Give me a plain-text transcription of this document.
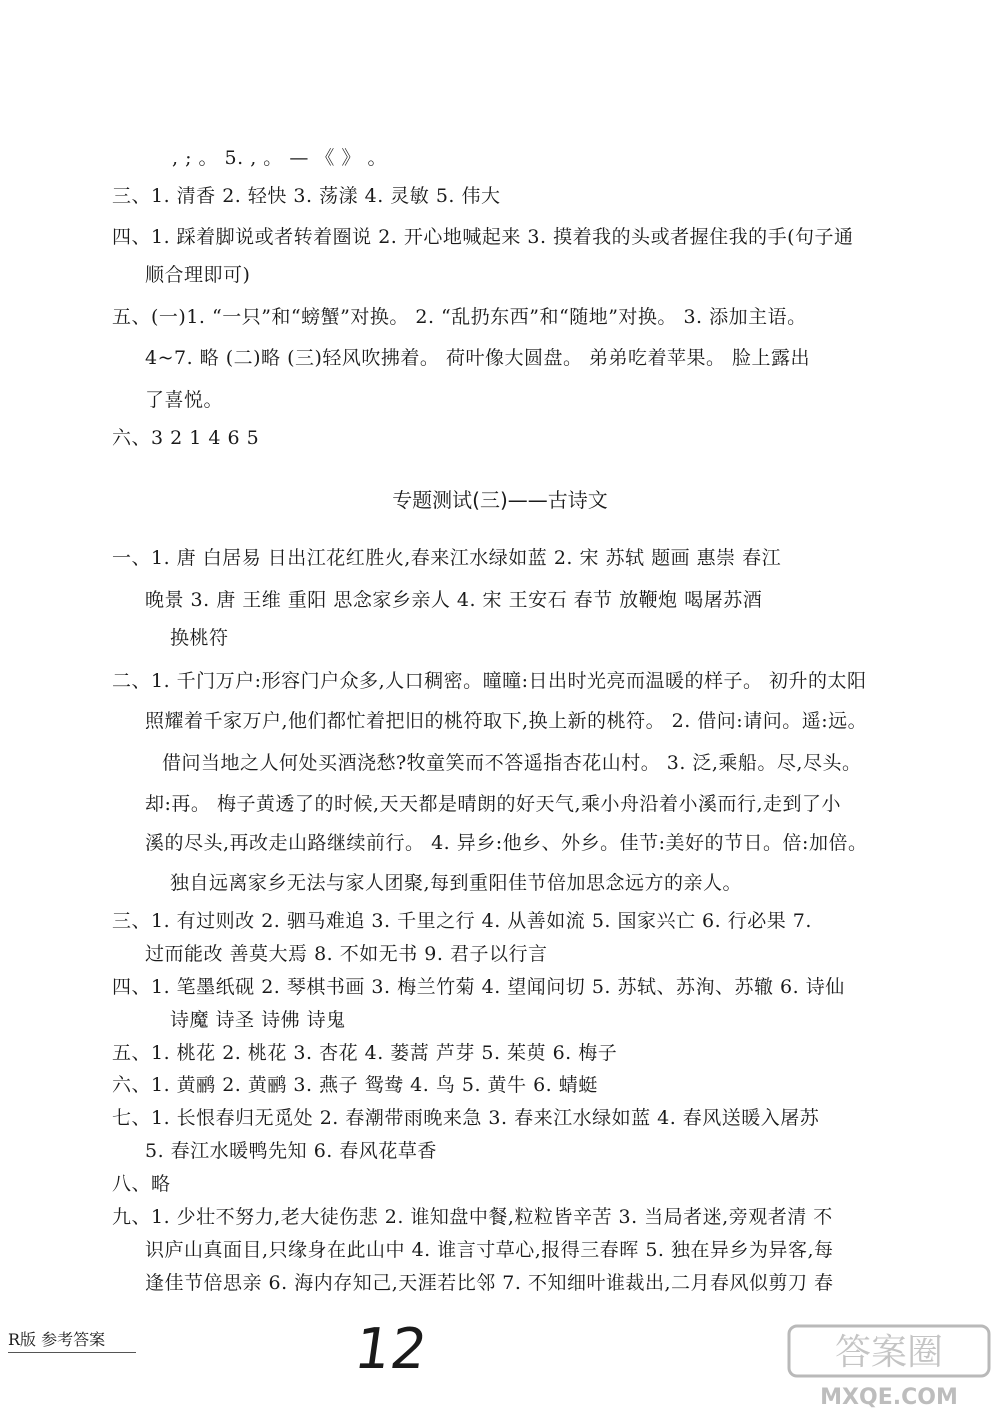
, ; 。 5. , 。 — 《 》 。
三、1. 清香 2. 轻快 3. 荡漾 4. 灵敏 5. 伟大
四、1. 踩着脚说或者转着圈说 2. 开心地喊起来 3. 摸着我的头或者握住我的手(句子通
顺合理即可)
五、(一)1. “一只”和“螃蟹”对换。 2. “乱扔东西”和“随地”对换。 3. 添加主语。
4~7. 略 (二)略 (三)轻风吹拂着。 荷叶像大圆盘。 弟弟吃着苹果。 脸上露出
了喜悦。
六、3 2 1 4 6 5
专题测试(三)——古诗文
一、1. 唐 白居易 日出江花红胜火,春来江水绿如蓝 2. 宋 苏轼 题画 惠崇 春江
晚景 3. 唐 王维 重阳 思念家乡亲人 4. 宋 王安石 春节 放鞭炮 喝屠苏酒
换桃符
二、1. 千门万户:形容门户众多,人口稠密。曈曈:日出时光亮而温暖的样子。 初升的太阳
照耀着千家万户,他们都忙着把旧的桃符取下,换上新的桃符。 2. 借问:请问。遥:远。
借问当地之人何处买酒浇愁?牧童笑而不答遥指杏花山村。 3. 泛,乘船。尽,尽头。
却:再。 梅子黄透了的时候,天天都是晴朗的好天气,乘小舟沿着小溪而行,走到了小
溪的尽头,再改走山路继续前行。 4. 异乡:他乡、外乡。佳节:美好的节日。倍:加倍。
独自远离家乡无法与家人团聚,每到重阳佳节倍加思念远方的亲人。
三、1. 有过则改 2. 驷马难追 3. 千里之行 4. 从善如流 5. 国家兴亡 6. 行必果 7.
过而能改 善莫大焉 8. 不如无书 9. 君子以行言
四、1. 笔墨纸砚 2. 琴棋书画 3. 梅兰竹菊 4. 望闻问切 5. 苏轼、苏洵、苏辙 6. 诗仙
诗魔 诗圣 诗佛 诗鬼
五、1. 桃花 2. 桃花 3. 杏花 4. 蒌蒿 芦芽 5. 茱萸 6. 梅子
六、1. 黄鹂 2. 黄鹂 3. 燕子 鸳鸯 4. 鸟 5. 黄牛 6. 蜻蜓
七、1. 长恨春归无觅处 2. 春潮带雨晚来急 3. 春来江水绿如蓝 4. 春风送暖入屠苏
5. 春江水暖鸭先知 6. 春风花草香
八、略
九、1. 少壮不努力,老大徒伤悲 2. 谁知盘中餐,粒粒皆辛苦 3. 当局者迷,旁观者清 不
识庐山真面目,只缘身在此山中 4. 谁言寸草心,报得三春晖 5. 独在异乡为异客,每
逢佳节倍思亲 6. 海内存知己,天涯若比邻 7. 不知细叶谁裁出,二月春风似剪刀 春
R版 参考答案	12	答案圈
MXQE.COM
